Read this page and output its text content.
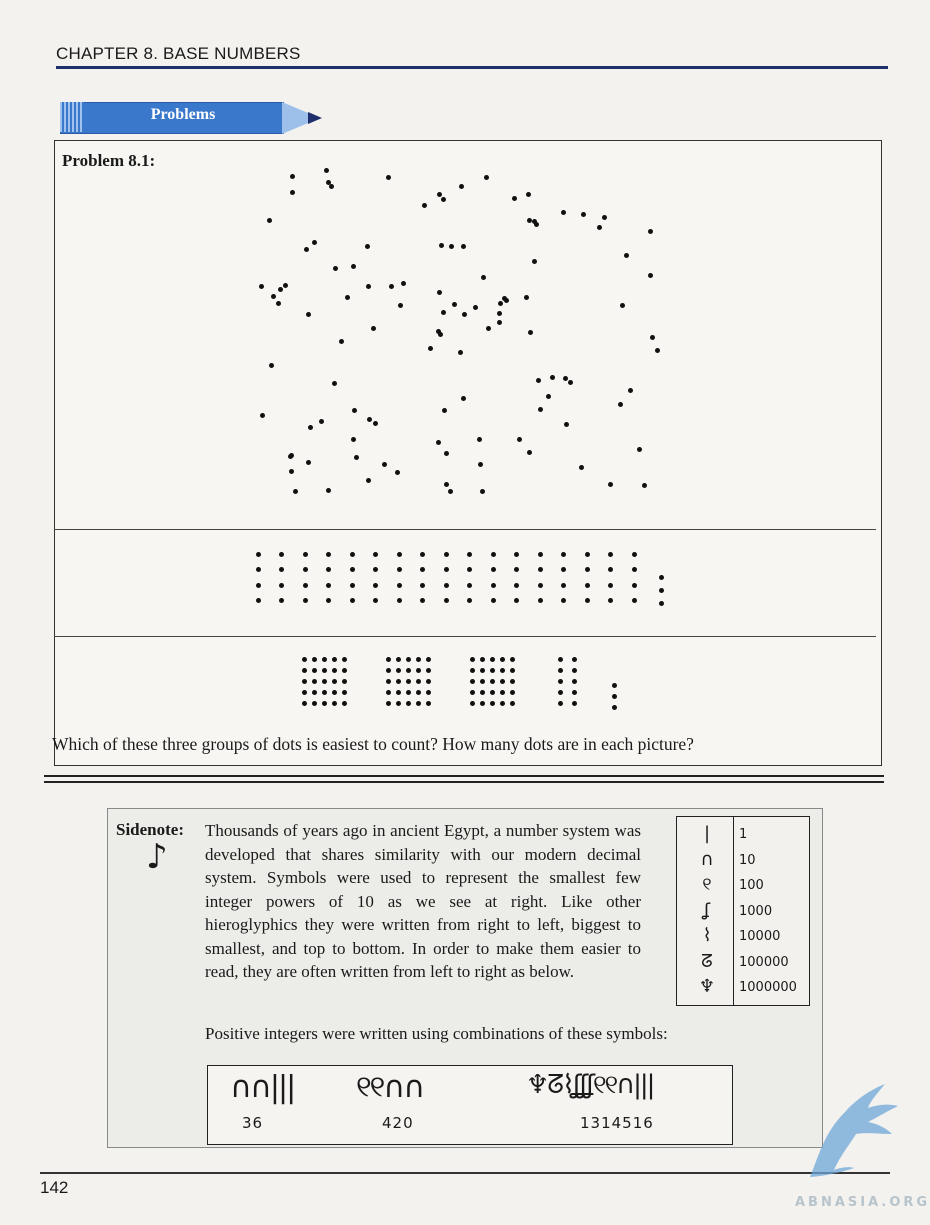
CHAPTER 8. BASE NUMBERS
Problems
Problem 8.1:
Which of these three groups of dots is easiest to count? How many dots are in each picture?
Sidenote:
♪
Thousands of years ago in ancient Egypt, a number system was developed that shares similarity with our modern decimal system. Symbols were used to represent the smallest few integer powers of 10 as we see at right. Like other hieroglyphics they were written from right to left, biggest to smallest, and top to bottom. In order to make them easier to read, they are often written from left to right as below.
|	1
∩	10
୧	100
ʆ	1000
⌇	10000
ᘔ	100000
♆	1000000
Positive integers were written using combinations of these symbols:
∩∩|||
36
୧୧∩∩
420
♆ᘔ⌇ʆʆʆ୧୧∩|||
1314516
142
ABNASIA.ORG
